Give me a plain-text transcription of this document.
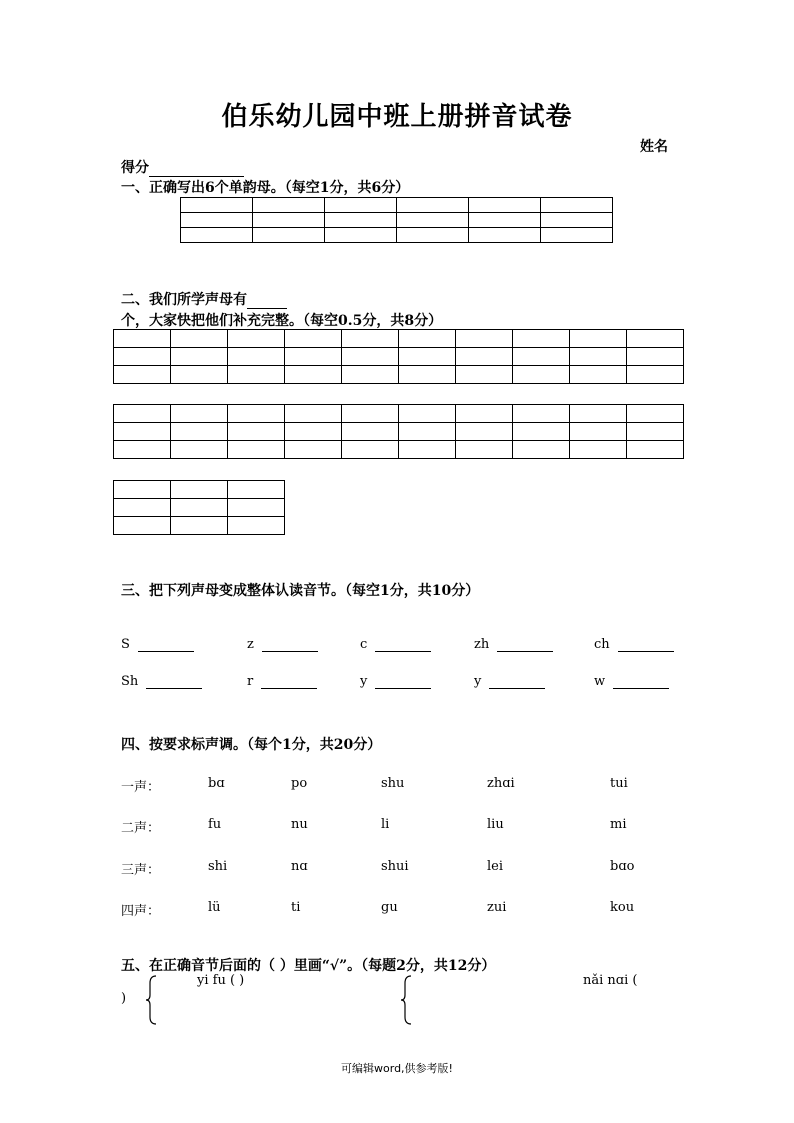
伯乐幼儿园中班上册拼音试卷
姓名
得分
一、正确写出6个单韵母。（每空1分，共6分）

二、我们所学声母有
个，大家快把他们补充完整。（每空0.5分，共8分）

三、把下列声母变成整体认读音节。（每空1分，共10分）
S	z	c	zh	ch
Sh	r	y	y	w
四、按要求标声调。（每个1分，共20分）
一声：	bɑ	po	shu	zhɑi	tui
二声：	fu	nu	li	liu	mi
三声：	shi	nɑ	shui	lei	bɑo
四声：	lü	ti	gu	zui	kou
五、在正确音节后面的（ ）里画“√”。（每题2分，共12分）
yi fu ( )	nǎi nɑi (
)
可编辑word,供参考版!
